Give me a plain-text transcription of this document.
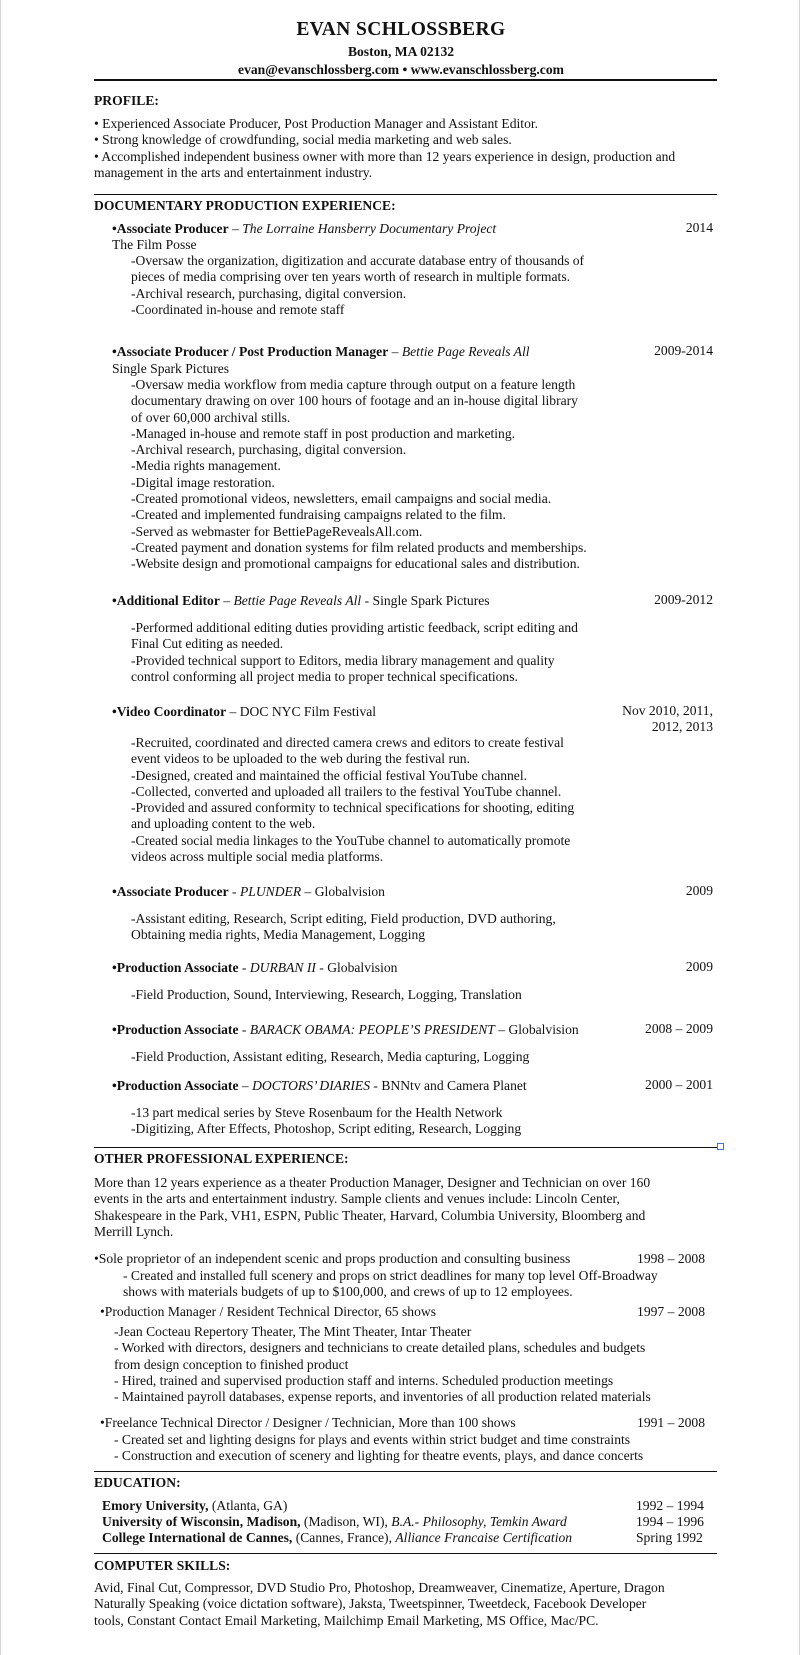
EVAN SCHLOSSBERG
Boston, MA 02132
evan@evanschlossberg.com • www.evanschlossberg.com
PROFILE:
• Experienced Associate Producer, Post Production Manager and Assistant Editor.
• Strong knowledge of crowdfunding, social media marketing and web sales.
• Accomplished independent business owner with more than 12 years experience in design, production and
management in the arts and entertainment industry.
DOCUMENTARY PRODUCTION EXPERIENCE:
•Associate Producer – The Lorraine Hansberry Documentary Project	2014
The Film Posse
-Oversaw the organization, digitization and accurate database entry of thousands of
pieces of media comprising over ten years worth of research in multiple formats.
-Archival research, purchasing, digital conversion.
-Coordinated in-house and remote staff
•Associate Producer / Post Production Manager – Bettie Page Reveals All	2009-2014
Single Spark Pictures
-Oversaw media workflow from media capture through output on a feature length
documentary drawing on over 100 hours of footage and an in-house digital library
of over 60,000 archival stills.
-Managed in-house and remote staff in post production and marketing.
-Archival research, purchasing, digital conversion.
-Media rights management.
-Digital image restoration.
-Created promotional videos, newsletters, email campaigns and social media.
-Created and implemented fundraising campaigns related to the film.
-Served as webmaster for BettiePageRevealsAll.com.
-Created payment and donation systems for film related products and memberships.
-Website design and promotional campaigns for educational sales and distribution.
•Additional Editor – Bettie Page Reveals All - Single Spark Pictures	2009-2012
-Performed additional editing duties providing artistic feedback, script editing and
Final Cut editing as needed.
-Provided technical support to Editors, media library management and quality
control conforming all project media to proper technical specifications.
•Video Coordinator – DOC NYC Film Festival	Nov 2010, 2011,
2012, 2013
-Recruited, coordinated and directed camera crews and editors to create festival
event videos to be uploaded to the web during the festival run.
-Designed, created and maintained the official festival YouTube channel.
-Collected, converted and uploaded all trailers to the festival YouTube channel.
-Provided and assured conformity to technical specifications for shooting, editing
and uploading content to the web.
-Created social media linkages to the YouTube channel to automatically promote
videos across multiple social media platforms.
•Associate Producer - PLUNDER – Globalvision	2009
-Assistant editing, Research, Script editing, Field production, DVD authoring,
Obtaining media rights, Media Management, Logging
•Production Associate - DURBAN II - Globalvision	2009
-Field Production, Sound, Interviewing, Research, Logging, Translation
•Production Associate - BARACK OBAMA: PEOPLE’S PRESIDENT – Globalvision	2008 – 2009
-Field Production, Assistant editing, Research, Media capturing, Logging
•Production Associate – DOCTORS’ DIARIES - BNNtv and Camera Planet	2000 – 2001
-13 part medical series by Steve Rosenbaum for the Health Network
-Digitizing, After Effects, Photoshop, Script editing, Research, Logging
OTHER PROFESSIONAL EXPERIENCE:
More than 12 years experience as a theater Production Manager, Designer and Technician on over 160
events in the arts and entertainment industry. Sample clients and venues include: Lincoln Center,
Shakespeare in the Park, VH1, ESPN, Public Theater, Harvard, Columbia University, Bloomberg and
Merrill Lynch.
•Sole proprietor of an independent scenic and props production and consulting business	1998 – 2008
- Created and installed full scenery and props on strict deadlines for many top level Off-Broadway
shows with materials budgets of up to $100,000, and crews of up to 12 employees.
•Production Manager / Resident Technical Director, 65 shows	1997 – 2008
-Jean Cocteau Repertory Theater, The Mint Theater, Intar Theater
- Worked with directors, designers and technicians to create detailed plans, schedules and budgets
from design conception to finished product
- Hired, trained and supervised production staff and interns. Scheduled production meetings
- Maintained payroll databases, expense reports, and inventories of all production related materials
•Freelance Technical Director / Designer / Technician, More than 100 shows	1991 – 2008
- Created set and lighting designs for plays and events within strict budget and time constraints
- Construction and execution of scenery and lighting for theatre events, plays, and dance concerts
EDUCATION:
Emory University, (Atlanta, GA)	1992 – 1994
University of Wisconsin, Madison, (Madison, WI), B.A.- Philosophy, Temkin Award	1994 – 1996
College International de Cannes, (Cannes, France), Alliance Francaise Certification	Spring 1992
COMPUTER SKILLS:
Avid, Final Cut, Compressor, DVD Studio Pro, Photoshop, Dreamweaver, Cinematize, Aperture, Dragon
Naturally Speaking (voice dictation software), Jaksta, Tweetspinner, Tweetdeck, Facebook Developer
tools, Constant Contact Email Marketing, Mailchimp Email Marketing, MS Office, Mac/PC.
